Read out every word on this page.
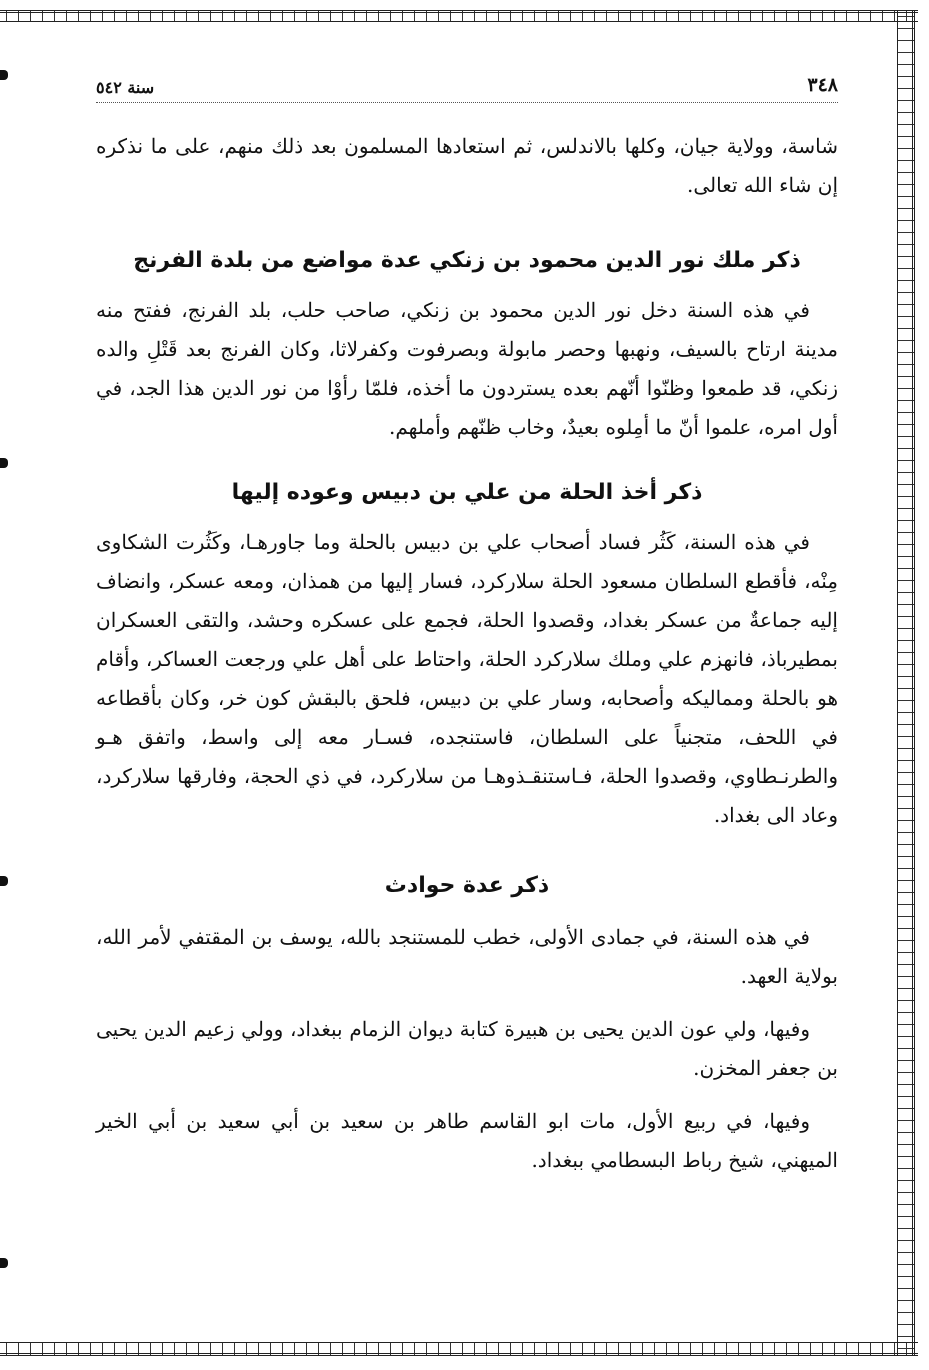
٣٤٨
سنة ٥٤٢

شاسة، وولاية جيان، وكلها بالاندلس، ثم استعادها المسلمون بعد ذلك منهم، على ما نذكره إن شاء الله تعالى.

ذكر ملك نور الدين محمود بن زنكي عدة مواضع من بلدة الفرنج

في هذه السنة دخل نور الدين محمود بن زنكي، صاحب حلب، بلد الفرنج، ففتح منه مدينة ارتاح بالسيف، ونهبها وحصر مابولة وبصرفوت وكفرلاثا، وكان الفرنج بعد قَتْلِ والده زنكي، قد طمعوا وظنّوا أنّهم بعده يستردون ما أخذه، فلمّا رأوْا من نور الدين هذا الجد، في أول امره، علموا أنّ ما أمِلوه بعيدٌ، وخاب ظنّهم وأملهم.

ذكر أخذ الحلة من علي بن دبيس وعوده إليها

في هذه السنة، كَثُر فساد أصحاب علي بن دبيس بالحلة وما جاورهـا، وكَثُرت الشكاوى مِنْه، فأقطع السلطان مسعود الحلة سلاركرد، فسار إليها من همذان، ومعه عسكر، وانضاف إليه جماعةٌ من عسكر بغداد، وقصدوا الحلة، فجمع على عسكره وحشد، والتقى العسكران بمطيرباذ، فانهزم علي وملك سلاركرد الحلة، واحتاط على أهل علي ورجعت العساكر، وأقام هو بالحلة ومماليكه وأصحابه، وسار علي بن دبيس، فلحق بالبقش كون خر، وكان بأقطاعه في اللحف، متجنياً على السلطان، فاستنجده، فسـار معه إلى واسط، واتفق هـو والطرنـطاوي، وقصدوا الحلة، فـاستنقـذوهـا من سلاركرد، في ذي الحجة، وفارقها سلاركرد، وعاد الى بغداد.

ذكر عدة حوادث

في هذه السنة، في جمادى الأولى، خطب للمستنجد بالله، يوسف بن المقتفي لأمر الله، بولاية العهد.

وفيها، ولي عون الدين يحيى بن هبيرة كتابة ديوان الزمام ببغداد، وولي زعيم الدين يحيى بن جعفر المخزن.

وفيها، في ربيع الأول، مات ابو القاسم طاهر بن سعيد بن أبي سعيد بن أبي الخير الميهني، شيخ رباط البسطامي ببغداد.
